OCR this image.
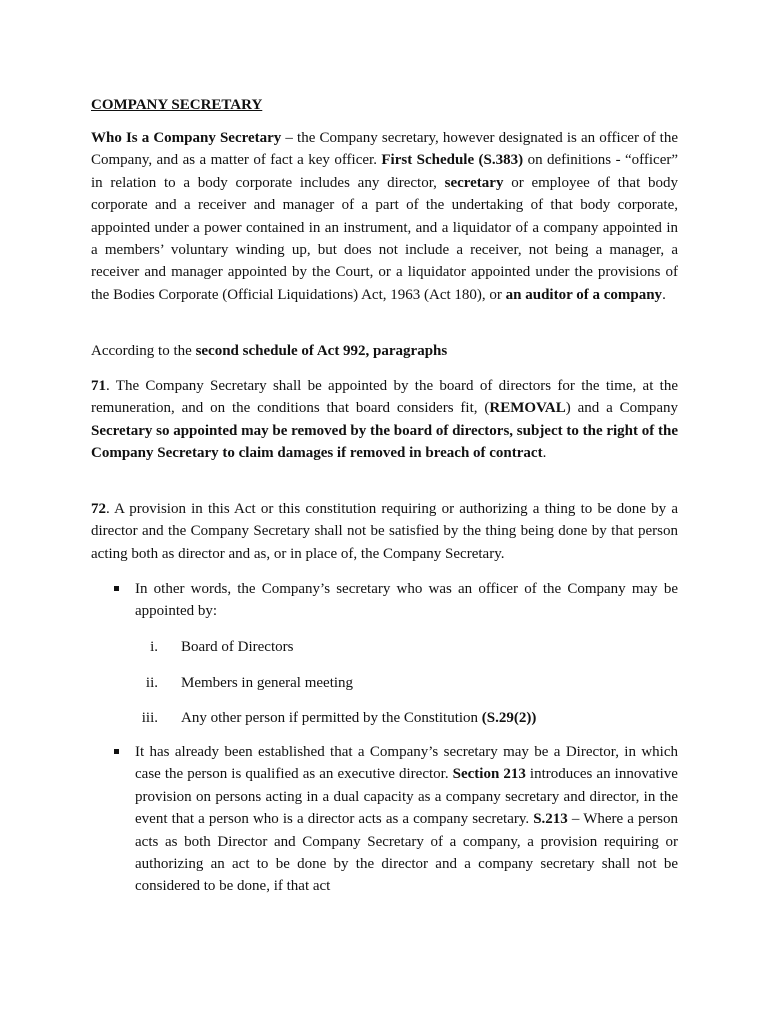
COMPANY SECRETARY

Who Is a Company Secretary – the Company secretary, however designated is an officer of the Company, and as a matter of fact a key officer. First Schedule (S.383) on definitions - “officer” in relation to a body corporate includes any director, secretary or employee of that body corporate and a receiver and manager of a part of the undertaking of that body corporate, appointed under a power contained in an instrument, and a liquidator of a company appointed in a members’ voluntary winding up, but does not include a receiver, not being a manager, a receiver and manager appointed by the Court, or a liquidator appointed under the provisions of the Bodies Corporate (Official Liquidations) Act, 1963 (Act 180), or an auditor of a company.

According to the second schedule of Act 992, paragraphs

71. The Company Secretary shall be appointed by the board of directors for the time, at the remuneration, and on the conditions that board considers fit, (REMOVAL) and a Company Secretary so appointed may be removed by the board of directors, subject to the right of the Company Secretary to claim damages if removed in breach of contract.

72. A provision in this Act or this constitution requiring or authorizing a thing to be done by a director and the Company Secretary shall not be satisfied by the thing being done by that person acting both as director and as, or in place of, the Company Secretary.

In other words, the Company’s secretary who was an officer of the Company may be appointed by:
i. Board of Directors
ii. Members in general meeting
iii. Any other person if permitted by the Constitution (S.29(2))
It has already been established that a Company’s secretary may be a Director, in which case the person is qualified as an executive director. Section 213 introduces an innovative provision on persons acting in a dual capacity as a company secretary and director, in the event that a person who is a director acts as a company secretary. S.213 – Where a person acts as both Director and Company Secretary of a company, a provision requiring or authorizing an act to be done by the director and a company secretary shall not be considered to be done, if that act
